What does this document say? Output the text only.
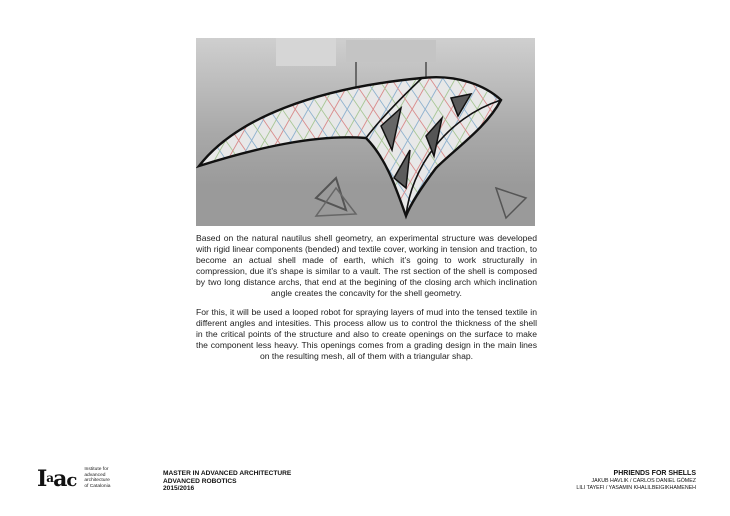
Based on the natural nautilus shell geometry, an experimental structure was developed with rigid linear components (bended) and textile cover, working in tension and traction, to become an actual shell made of earth, which it’s going to work structurally in compression, due it’s shape is similar to a vault. The rst section of the shell is composed by two long distance archs, that end at the begining of the closing arch which inclination angle creates the concavity for the shell geometry.

For this, it will be used a looped robot for spraying layers of mud into the tensed textile in different angles and intesities. This process allow us to control the thickness of the shell in the critical points of the structure and also to create openings on the surface to make the component less heavy. This openings comes from a grading design in the main lines on the resulting mesh, all of them with a triangular shap.

$I^aac$
Institute for
advanced
architecture
of Catalonia
MASTER IN ADVANCED ARCHITECTURE
ADVANCED ROBOTICS
2015/2016
PHRIENDS FOR SHELLS
JAKUB HAVLIK / CARLOS DANIEL GÓMEZ
LILI TAYEFI / YASAMIN KHALILBEIGIKHAMENEH
